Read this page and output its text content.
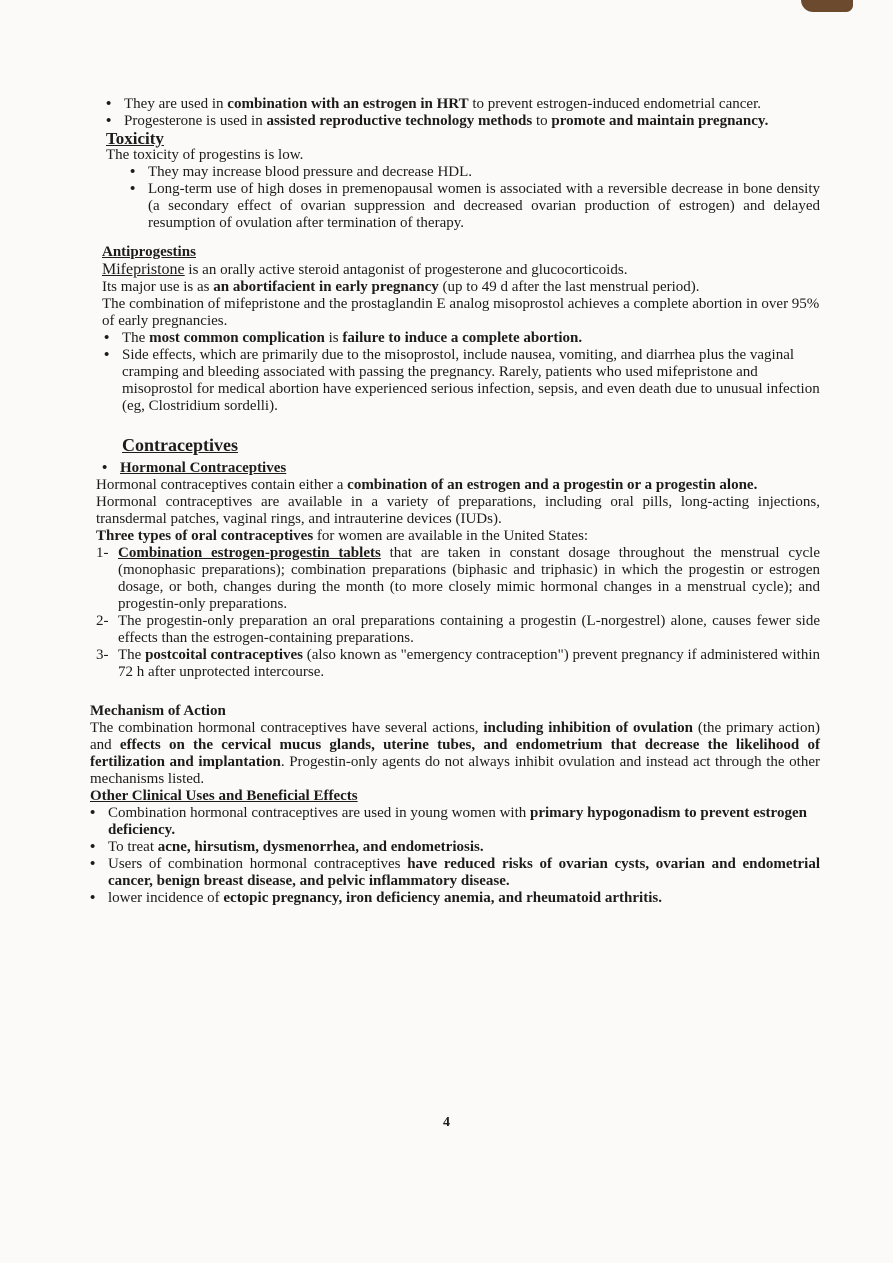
• They are used in combination with an estrogen in HRT to prevent estrogen-induced endometrial cancer.
• Progesterone is used in assisted reproductive technology methods to promote and maintain pregnancy.
Toxicity

The toxicity of progestins is low.

• They may increase blood pressure and decrease HDL.
• Long-term use of high doses in premenopausal women is associated with a reversible decrease in bone density (a secondary effect of ovarian suppression and decreased ovarian production of estrogen) and delayed resumption of ovulation after termination of therapy.
Antiprogestins

Mifepristone is an orally active steroid antagonist of progesterone and glucocorticoids.

Its major use is as an abortifacient in early pregnancy (up to 49 d after the last menstrual period).

The combination of mifepristone and the prostaglandin E analog misoprostol achieves a complete abortion in over 95% of early pregnancies.

• The most common complication is failure to induce a complete abortion.
• Side effects, which are primarily due to the misoprostol, include nausea, vomiting, and diarrhea plus the vaginal cramping and bleeding associated with passing the pregnancy. Rarely, patients who used mifepristone and misoprostol for medical abortion have experienced serious infection, sepsis, and even death due to unusual infection (eg, Clostridium sordelli).
Contraceptives
• Hormonal Contraceptives

Hormonal contraceptives contain either a combination of an estrogen and a progestin or a progestin alone.

Hormonal contraceptives are available in a variety of preparations, including oral pills, long-acting injections, transdermal patches, vaginal rings, and intrauterine devices (IUDs).

Three types of oral contraceptives for women are available in the United States:

1- Combination estrogen-progestin tablets that are taken in constant dosage throughout the menstrual cycle (monophasic preparations); combination preparations (biphasic and triphasic) in which the progestin or estrogen dosage, or both, changes during the month (to more closely mimic hormonal changes in a menstrual cycle); and progestin-only preparations.
2- The progestin-only preparation an oral preparations containing a progestin (L-norgestrel) alone, causes fewer side effects than the estrogen-containing preparations.
3- The postcoital contraceptives (also known as "emergency contraception") prevent pregnancy if administered within 72 h after unprotected intercourse.

Mechanism of Action

The combination hormonal contraceptives have several actions, including inhibition of ovulation (the primary action) and effects on the cervical mucus glands, uterine tubes, and endometrium that decrease the likelihood of fertilization and implantation. Progestin-only agents do not always inhibit ovulation and instead act through the other mechanisms listed.

Other Clinical Uses and Beneficial Effects
• Combination hormonal contraceptives are used in young women with primary hypogonadism to prevent estrogen deficiency.
• To treat acne, hirsutism, dysmenorrhea, and endometriosis.
• Users of combination hormonal contraceptives have reduced risks of ovarian cysts, ovarian and endometrial cancer, benign breast disease, and pelvic inflammatory disease.
• lower incidence of ectopic pregnancy, iron deficiency anemia, and rheumatoid arthritis.
4
